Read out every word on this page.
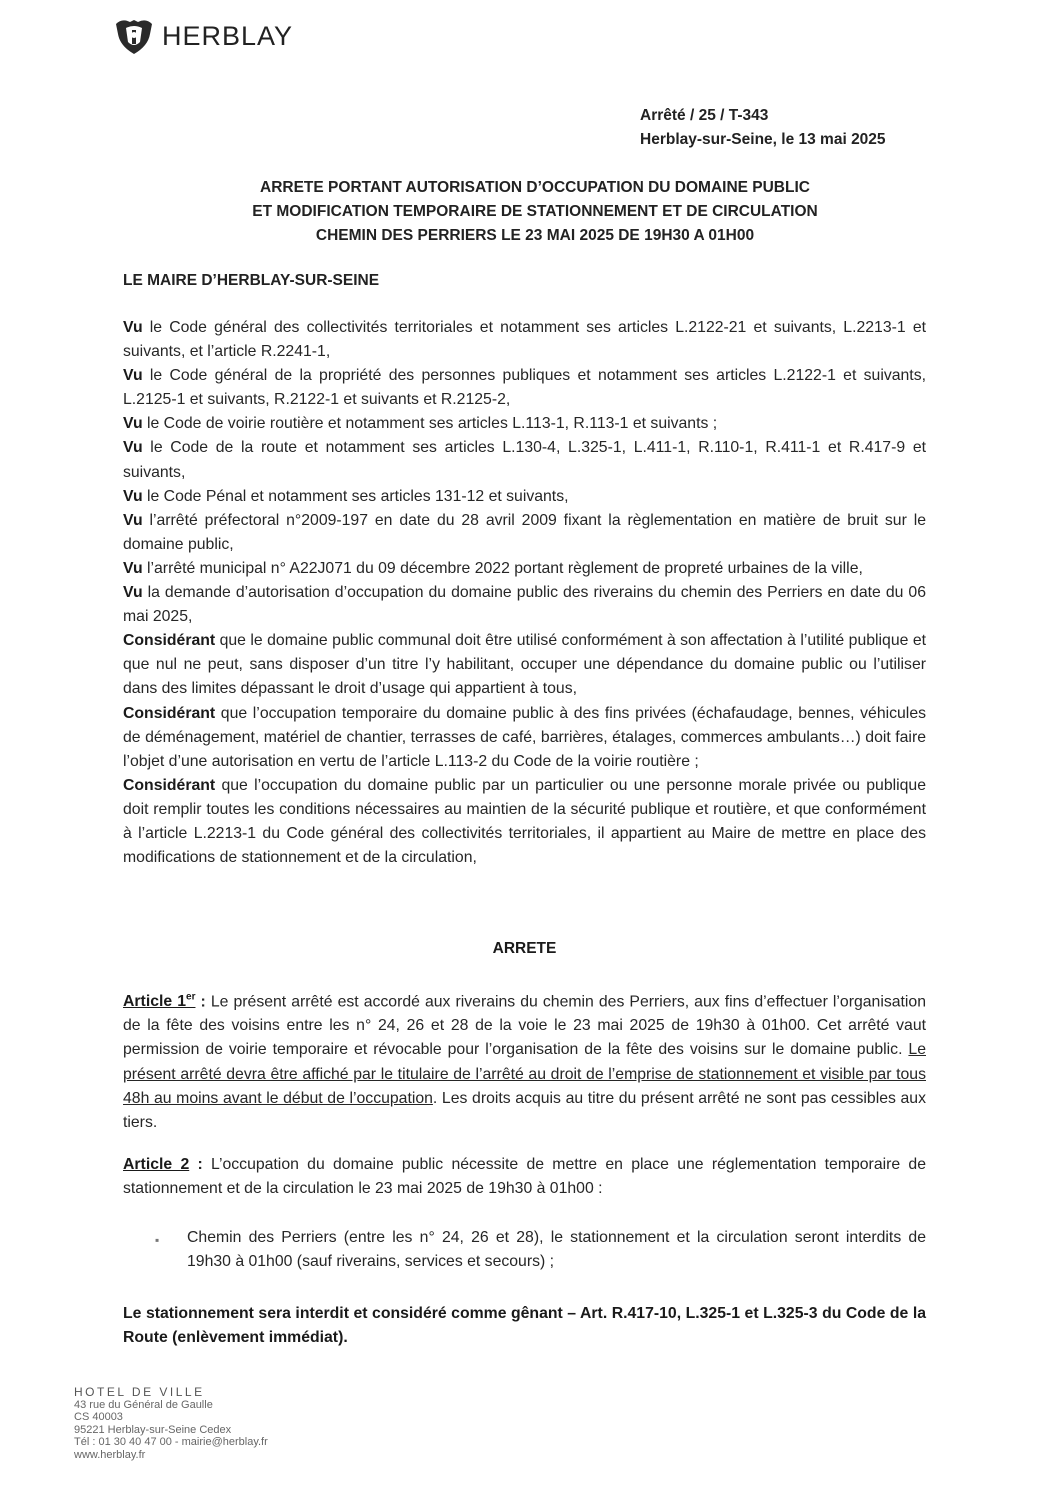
HERBLAY
Arrêté / 25 / T-343
Herblay-sur-Seine, le 13 mai 2025
ARRETE PORTANT AUTORISATION D’OCCUPATION DU DOMAINE PUBLIC
ET MODIFICATION TEMPORAIRE DE STATIONNEMENT ET DE CIRCULATION
CHEMIN DES PERRIERS LE 23 MAI 2025 DE 19H30 A 01H00
LE MAIRE D’HERBLAY-SUR-SEINE

Vu le Code général des collectivités territoriales et notamment ses articles L.2122-21 et suivants, L.2213-1 et suivants, et l’article R.2241-1,

Vu le Code général de la propriété des personnes publiques et notamment ses articles L.2122-1 et suivants, L.2125-1 et suivants, R.2122-1 et suivants et R.2125-2,

Vu le Code de voirie routière et notamment ses articles L.113-1, R.113-1 et suivants ;

Vu le Code de la route et notamment ses articles L.130-4, L.325-1, L.411-1, R.110-1, R.411-1 et R.417-9 et suivants,

Vu le Code Pénal et notamment ses articles 131-12 et suivants,

Vu l’arrêté préfectoral n°2009-197 en date du 28 avril 2009 fixant la règlementation en matière de bruit sur le domaine public,

Vu l’arrêté municipal n° A22J071 du 09 décembre 2022 portant règlement de propreté urbaines de la ville,

Vu la demande d’autorisation d’occupation du domaine public des riverains du chemin des Perriers en date du 06 mai 2025,

Considérant que le domaine public communal doit être utilisé conformément à son affectation à l’utilité publique et que nul ne peut, sans disposer d’un titre l’y habilitant, occuper une dépendance du domaine public ou l’utiliser dans des limites dépassant le droit d’usage qui appartient à tous,

Considérant que l’occupation temporaire du domaine public à des fins privées (échafaudage, bennes, véhicules de déménagement, matériel de chantier, terrasses de café, barrières, étalages, commerces ambulants…) doit faire l’objet d’une autorisation en vertu de l’article L.113-2 du Code de la voirie routière ;

Considérant que l’occupation du domaine public par un particulier ou une personne morale privée ou publique doit remplir toutes les conditions nécessaires au maintien de la sécurité publique et routière, et que conformément à l’article L.2213-1 du Code général des collectivités territoriales, il appartient au Maire de mettre en place des modifications de stationnement et de la circulation,

ARRETE
Article 1er : Le présent arrêté est accordé aux riverains du chemin des Perriers, aux fins d’effectuer l’organisation de la fête des voisins entre les n° 24, 26 et 28 de la voie le 23 mai 2025 de 19h30 à 01h00. Cet arrêté vaut permission de voirie temporaire et révocable pour l’organisation de la fête des voisins sur le domaine public. Le présent arrêté devra être affiché par le titulaire de l’arrêté au droit de l’emprise de stationnement et visible par tous 48h au moins avant le début de l’occupation. Les droits acquis au titre du présent arrêté ne sont pas cessibles aux tiers.
Article 2 : L’occupation du domaine public nécessite de mettre en place une réglementation temporaire de stationnement et de la circulation le 23 mai 2025 de 19h30 à 01h00 :
▪	Chemin des Perriers (entre les n° 24, 26 et 28), le stationnement et la circulation seront interdits de 19h30 à 01h00 (sauf riverains, services et secours) ;
Le stationnement sera interdit et considéré comme gênant – Art. R.417-10, L.325-1 et L.325-3 du Code de la Route (enlèvement immédiat).
HOTEL DE VILLE
43 rue du Général de Gaulle
CS 40003
95221 Herblay-sur-Seine Cedex
Tél : 01 30 40 47 00 - mairie@herblay.fr
www.herblay.fr
